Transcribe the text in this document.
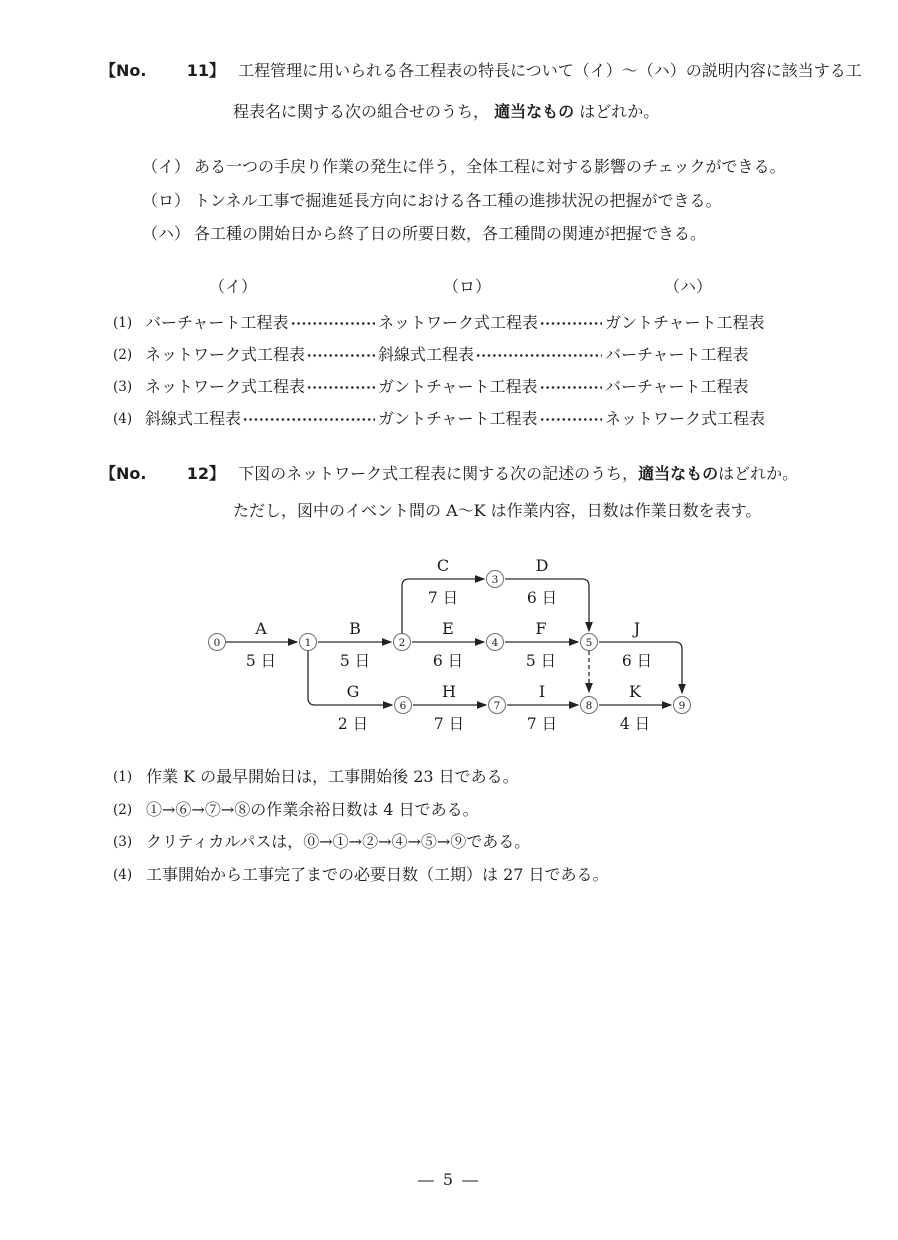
【No.	11】 工程管理に用いられる各工程表の特長について（イ）～（ハ）の説明内容に該当する工
程表名に関する次の組合せのうち， 適当なもの はどれか。
（イ） ある一つの手戻り作業の発生に伴う，全体工程に対する影響のチェックができる。
（ロ） トンネル工事で掘進延長方向における各工種の進捗状況の把握ができる。
（ハ） 各工種の開始日から終了日の所要日数，各工種間の関連が把握できる。
（イ）	（ロ）	（ハ）
(1) バーチャート工程表	ネットワーク式工程表	ガントチャート工程表
(2) ネットワーク式工程表	斜線式工程表	バーチャート工程表
(3) ネットワーク式工程表	ガントチャート工程表	バーチャート工程表
(4) 斜線式工程表	ガントチャート工程表	ネットワーク式工程表
【No.	12】 下図のネットワーク式工程表に関する次の記述のうち，適当なものはどれか。
ただし，図中のイベント間の A～K は作業内容，日数は作業日数を表す。
0	1	2
3
4	5
6	7	8	9
A	B
C	D
E	F
G	H	I
J
K
5 日	5 日
7 日	6 日
6 日	5 日
2 日	7 日	7 日
6 日
4 日
(1) 作業 K の最早開始日は，工事開始後 23 日である。
(2) ①→⑥→⑦→⑧の作業余裕日数は 4 日である。
(3) クリティカルパスは，⓪→①→②→④→⑤→⑨である。
(4) 工事開始から工事完了までの必要日数（工期）は 27 日である。
― 5 ―
